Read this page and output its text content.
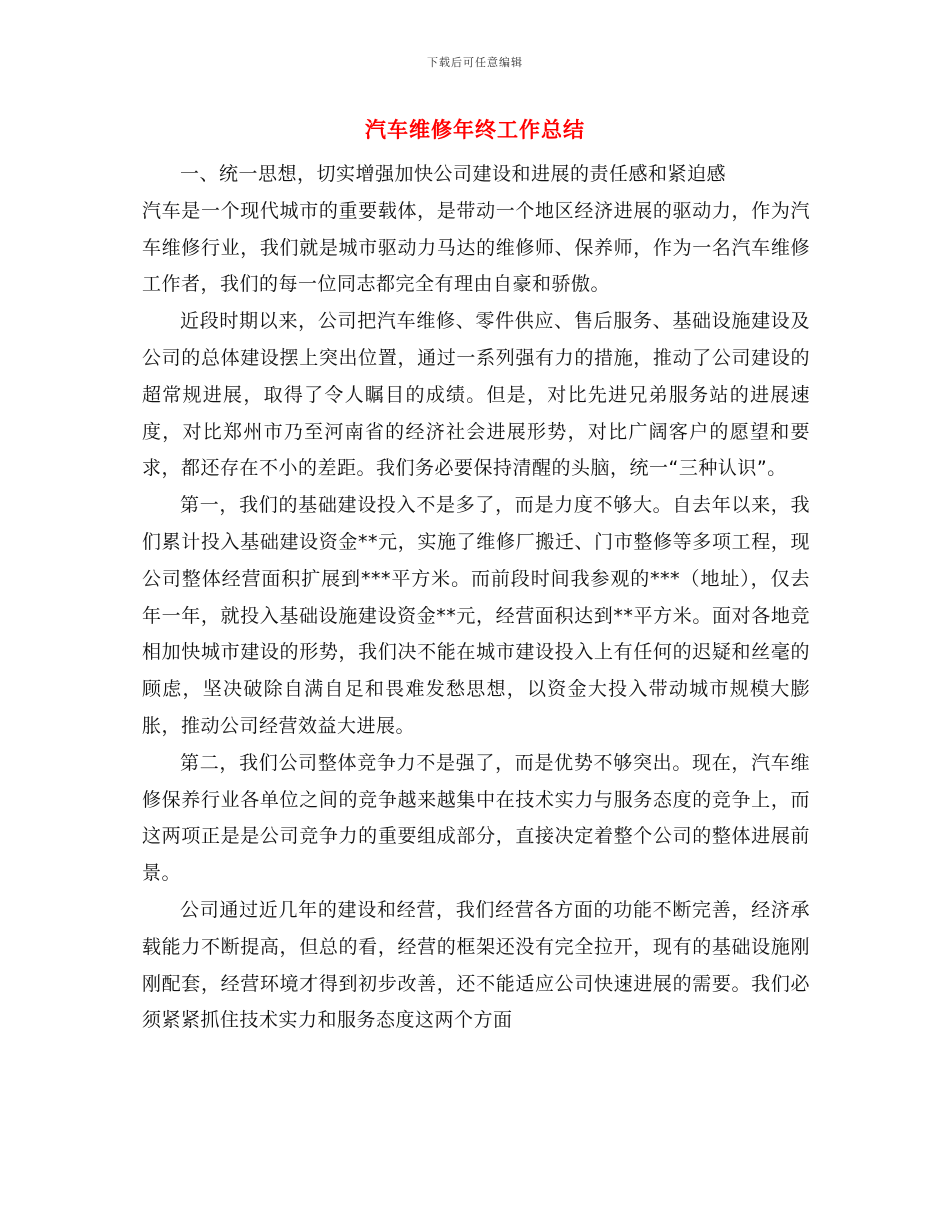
下载后可任意编辑
汽车维修年终工作总结

一、统一思想，切实增强加快公司建设和进展的责任感和紧迫感

汽车是一个现代城市的重要载体，是带动一个地区经济进展的驱动力，作为汽车维修行业，我们就是城市驱动力马达的维修师、保养师，作为一名汽车维修工作者，我们的每一位同志都完全有理由自豪和骄傲。

近段时期以来，公司把汽车维修、零件供应、售后服务、基础设施建设及公司的总体建设摆上突出位置，通过一系列强有力的措施，推动了公司建设的超常规进展，取得了令人瞩目的成绩。但是，对比先进兄弟服务站的进展速度，对比郑州市乃至河南省的经济社会进展形势，对比广阔客户的愿望和要求，都还存在不小的差距。我们务必要保持清醒的头脑，统一“三种认识”。

第一，我们的基础建设投入不是多了，而是力度不够大。自去年以来，我们累计投入基础建设资金**元，实施了维修厂搬迁、门市整修等多项工程，现公司整体经营面积扩展到***平方米。而前段时间我参观的***（地址），仅去年一年，就投入基础设施建设资金**元，经营面积达到**平方米。面对各地竞相加快城市建设的形势，我们决不能在城市建设投入上有任何的迟疑和丝毫的顾虑，坚决破除自满自足和畏难发愁思想，以资金大投入带动城市规模大膨胀，推动公司经营效益大进展。

第二，我们公司整体竞争力不是强了，而是优势不够突出。现在，汽车维修保养行业各单位之间的竞争越来越集中在技术实力与服务态度的竞争上，而这两项正是是公司竞争力的重要组成部分，直接决定着整个公司的整体进展前景。

公司通过近几年的建设和经营，我们经营各方面的功能不断完善，经济承载能力不断提高，但总的看，经营的框架还没有完全拉开，现有的基础设施刚刚配套，经营环境才得到初步改善，还不能适应公司快速进展的需要。我们必须紧紧抓住技术实力和服务态度这两个方面
